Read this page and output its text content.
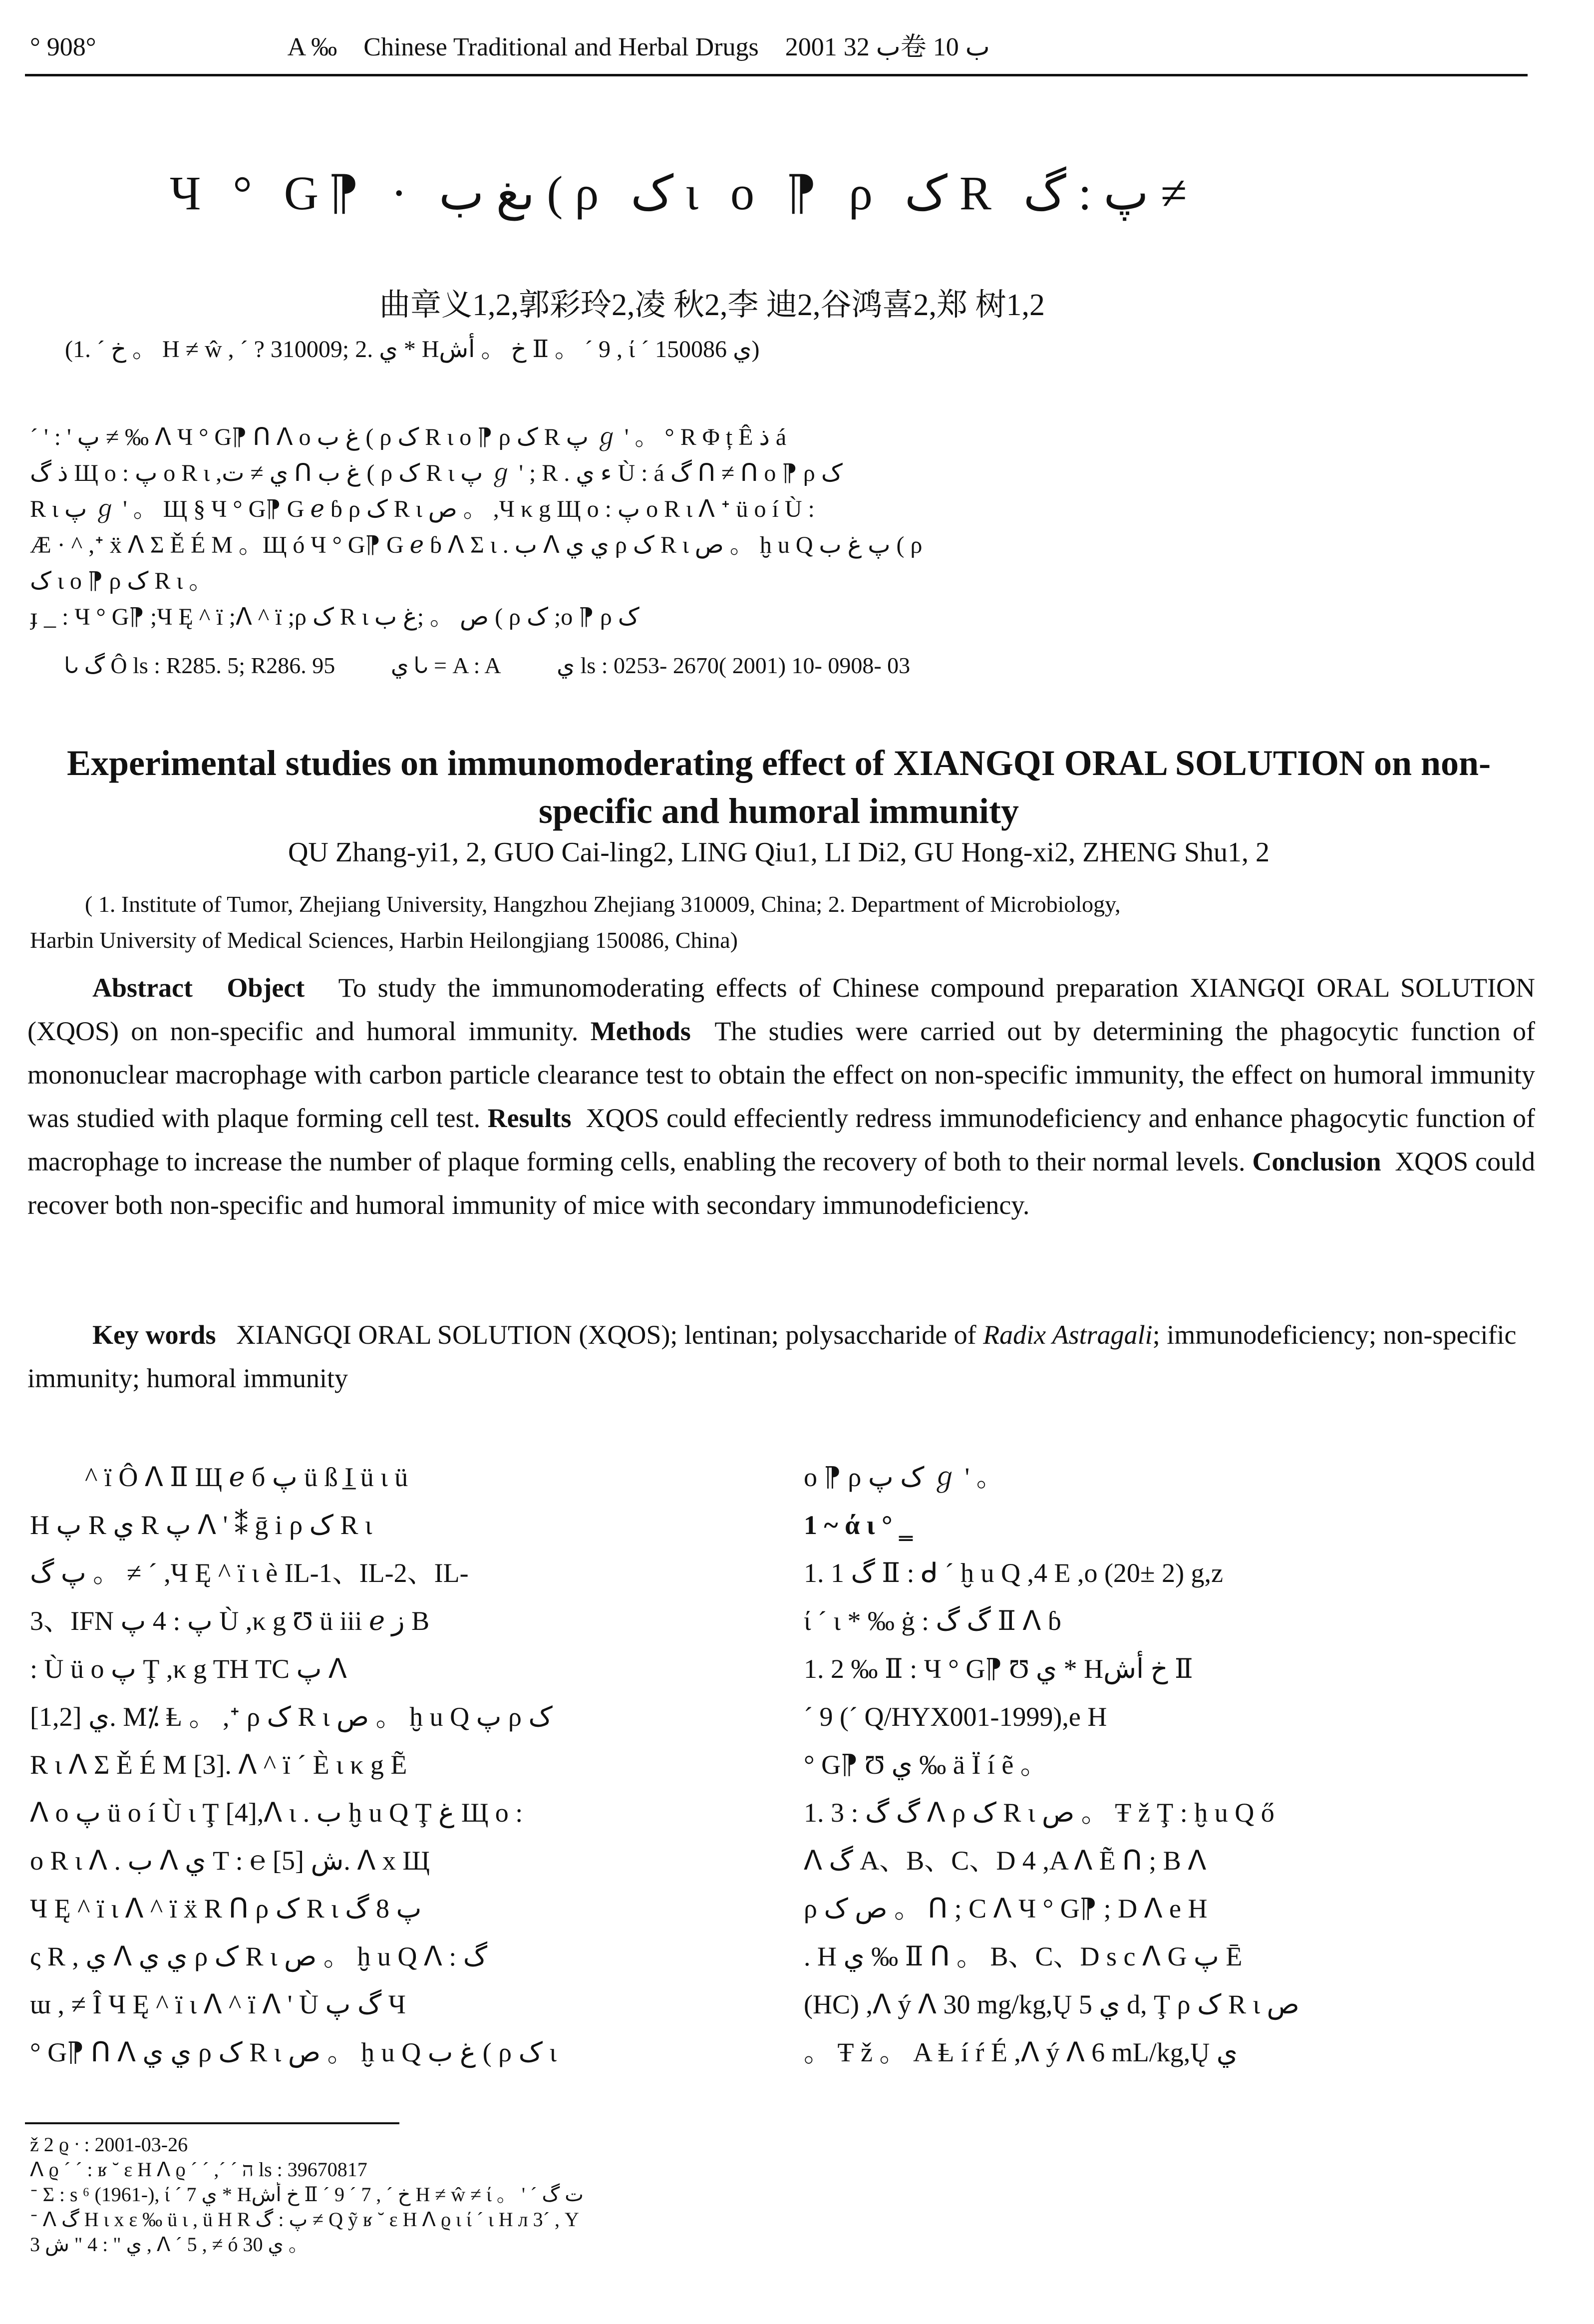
° 908°	A ‰ Chinese Traditional and Herbal Drugs 2001 ب 32卷 ب 10
Ч ° G⁋ · ىغ ب ( ρ ک ι ο ⁋ ρ ک R پ : گ ≠
曲章义1,2,郭彩玲2,凌 秋2,李 迪2,谷鸿喜2,郑 树1,2
(1. ´ خ 。 H ≠ ŵ , ´ ? 310009; 2. ي * Hخ 。 أش Ⅱ 。 ´ 9 , ί ´ ي 150086)

´ ' : ' پ ≠ ‰ ᐱ Ч ° G⁋ ᑎ ᐱ ο غ ب ( ρ ک R ι ο ⁋ ρ ک R پ ℊ ' 。 ° R Φ ț Ê ذ á

ذ گ Щ ο : پ ο R ι ,ي ≠ ت ᑎ غ ب ( ρ ک R ι پ ℊ ' ; R . ء ي Ù : á گ ᑎ ≠ ᑎ ο ⁋ ρ ک

R ι پ ℊ ' 。 Щ § Ч ° G⁋ G ℯ ɓ ρ ک R ι ص 。 ,Ч κ g Щ ο : پ ο R ι ᐱ ᐩ ü ο í Ù :

Æ · ^ ,ᐩ ẍ ᐱ Σ Ě É M 。Щ ó Ч ° G⁋ G ℯ ɓ ᐱ Σ ι . ب ᐱ ي ي ρ ک R ι ص 。 ḫ u Q پ غ ب ( ρ

ک ι ο ⁋ ρ ک R ι 。

ɟ _ : Ч ° G⁋ ;Ч Ę ^ ï ;ᐱ ^ ï ;ρ ک R ι ص 。 ;غ ب ( ρ ک ;ο ⁋ ρ ک

ᘂ گ Ô ls : R285. 5; R286. 95 ي ᘂ = A : A ي ls : 0253- 2670( 2001) 10- 0908- 03
Experimental studies on immunomoderating effect of XIANGQI ORAL SOLUTION on non-specific and humoral immunity
QU Zhang-yi1, 2, GUO Cai-ling2, LING Qiu1, LI Di2, GU Hong-xi2, ZHENG Shu1, 2

( 1. Institute of Tumor, Zhejiang University, Hangzhou Zhejiang 310009, China; 2. Department of Microbiology,

Harbin University of Medical Sciences, Harbin Heilongjiang 150086, China)

Abstract Object To study the immunomoderating effects of Chinese compound preparation XIANGQI ORAL SOLUTION (XQOS) on non-specific and humoral immunity. Methods The studies were carried out by determining the phagocytic function of mononuclear macrophage with carbon particle clearance test to obtain the effect on non-specific immunity, the effect on humoral immunity was studied with plaque forming cell test. Results XQOS could effeciently redress immunodeficiency and enhance phagocytic function of macrophage to increase the number of plaque forming cells, enabling the recovery of both to their normal levels. Conclusion XQOS could recover both non-specific and humoral immunity of mice with secondary immunodeficiency.

Key words XIANGQI ORAL SOLUTION (XQOS); lentinan; polysaccharide of Radix Astragali; immunodeficiency; non-specific immunity; humoral immunity

^ ï Ô ᐱ Ⅱ Щ ℯ б پ ü ß I̲ ü ι ü

H پ R ي R پ ᐱ ' ⁑ ḡ i ρ ک R ι

پ گ 。 ≠ ´ ,Ч Ę ^ ï ι è IL-1、IL-2、IL-

3、IFN پ : 4 پ Ù ,κ g Ʊ ü iii ℯ ز B

: Ù ü ο پ Ţ ,κ g TH TC پ ᐱ

ي [1,2]. M⁒ Ⱡ 。 ,ᐩ ρ ک R ι ص 。 ḫ u Q پ ρ ک

R ι ᐱ Σ Ě É M [3]. ᐱ ^ ï ´ È ι κ g Ẽ

ᐱ ο پ ü ο í Ù ι Ţ [4],ᐱ ι . ب ḫ u Q Ţ غ Щ ο :

ο R ι ᐱ . ب ᐱ ي T : ℮ ش [5]. ᐱ x Щ

Ч Ę ^ ï ι ᐱ ^ ï ẍ R ᑎ ρ ک R ι پ 8 گ

ς R , ي ᐱ ي ي ρ ک R ι ص 。 ḫ u Q ᐱ : گ

ɯ , ≠ Î Ч Ę ^ ï ι ᐱ ^ ï ᐱ ' Ù گ پ Ч

° G⁋ ᑎ ᐱ ي ي ρ ک R ι ص 。 ḫ u Q غ ب ( ρ ک ι

ο ⁋ ρ ک پ ℊ ' 。

1 ~ ά ι ° ‗

1. 1 گ Ⅱ : ᑯ ´ ḫ u Q ,4 E ,ο (20± 2) g,z

ί ´ ι * ‰ ġ : گ گ Ⅱ ᐱ ɓ

1. 2 ‰ Ⅱ : Ч ° G⁋ Ʊ ي * Hخ أش Ⅱ

´ 9 (´ Q/HYX001-1999),e H

° G⁋ Ʊ ي ‰ ä Ï í ẽ 。

1. 3 : گ گ ᐱ ρ ک R ι ص 。 Ŧ ž Ţ : ḫ u Q ő

ᐱ گ A、B、C、D 4 ,A ᐱ Ẽ ᑎ ; B ᐱ

ρ ص ک 。 ᑎ ; C ᐱ Ч ° G⁋ ; D ᐱ e H

. H ي ‰ Ⅱ ᑎ 。 B、C、D s c ᐱ G پ Ē

(HC) ,ᐱ ý ᐱ 30 mg/kg,Ų ي 5 d, Ţ ρ ک R ι ص

。 Ŧ ž 。 A Ⱡ í ŕ É ,ᐱ ý ᐱ 6 mL/kg,Ų ي

ž 2 ϱ ᐧ : 2001-03-26

ᐱ ϱ ´ ´ : ʁ ˘ ɛ H ᐱ ϱ ´ ´ ,´ ´ ה ls : 39670817

ᐨ Σ : s ⁶ (1961-), ί ´ 7 ي * Hخ أش Ⅱ ´ 9 ´ 7 , ´ خ H ≠ ŵ ≠ ί 。 ' ´ ت گ

ᐨ ᐱ گ H ι x ɛ ‰ ü ι , ü H R پ : گ ≠ Q ỹ ʁ ˘ ɛ H ᐱ ϱ ι ί ´ ι H л 3´ , Y

ي " : 4 " ش 3 , ᐱ ´ 5 , ≠ ó ي 30 。
